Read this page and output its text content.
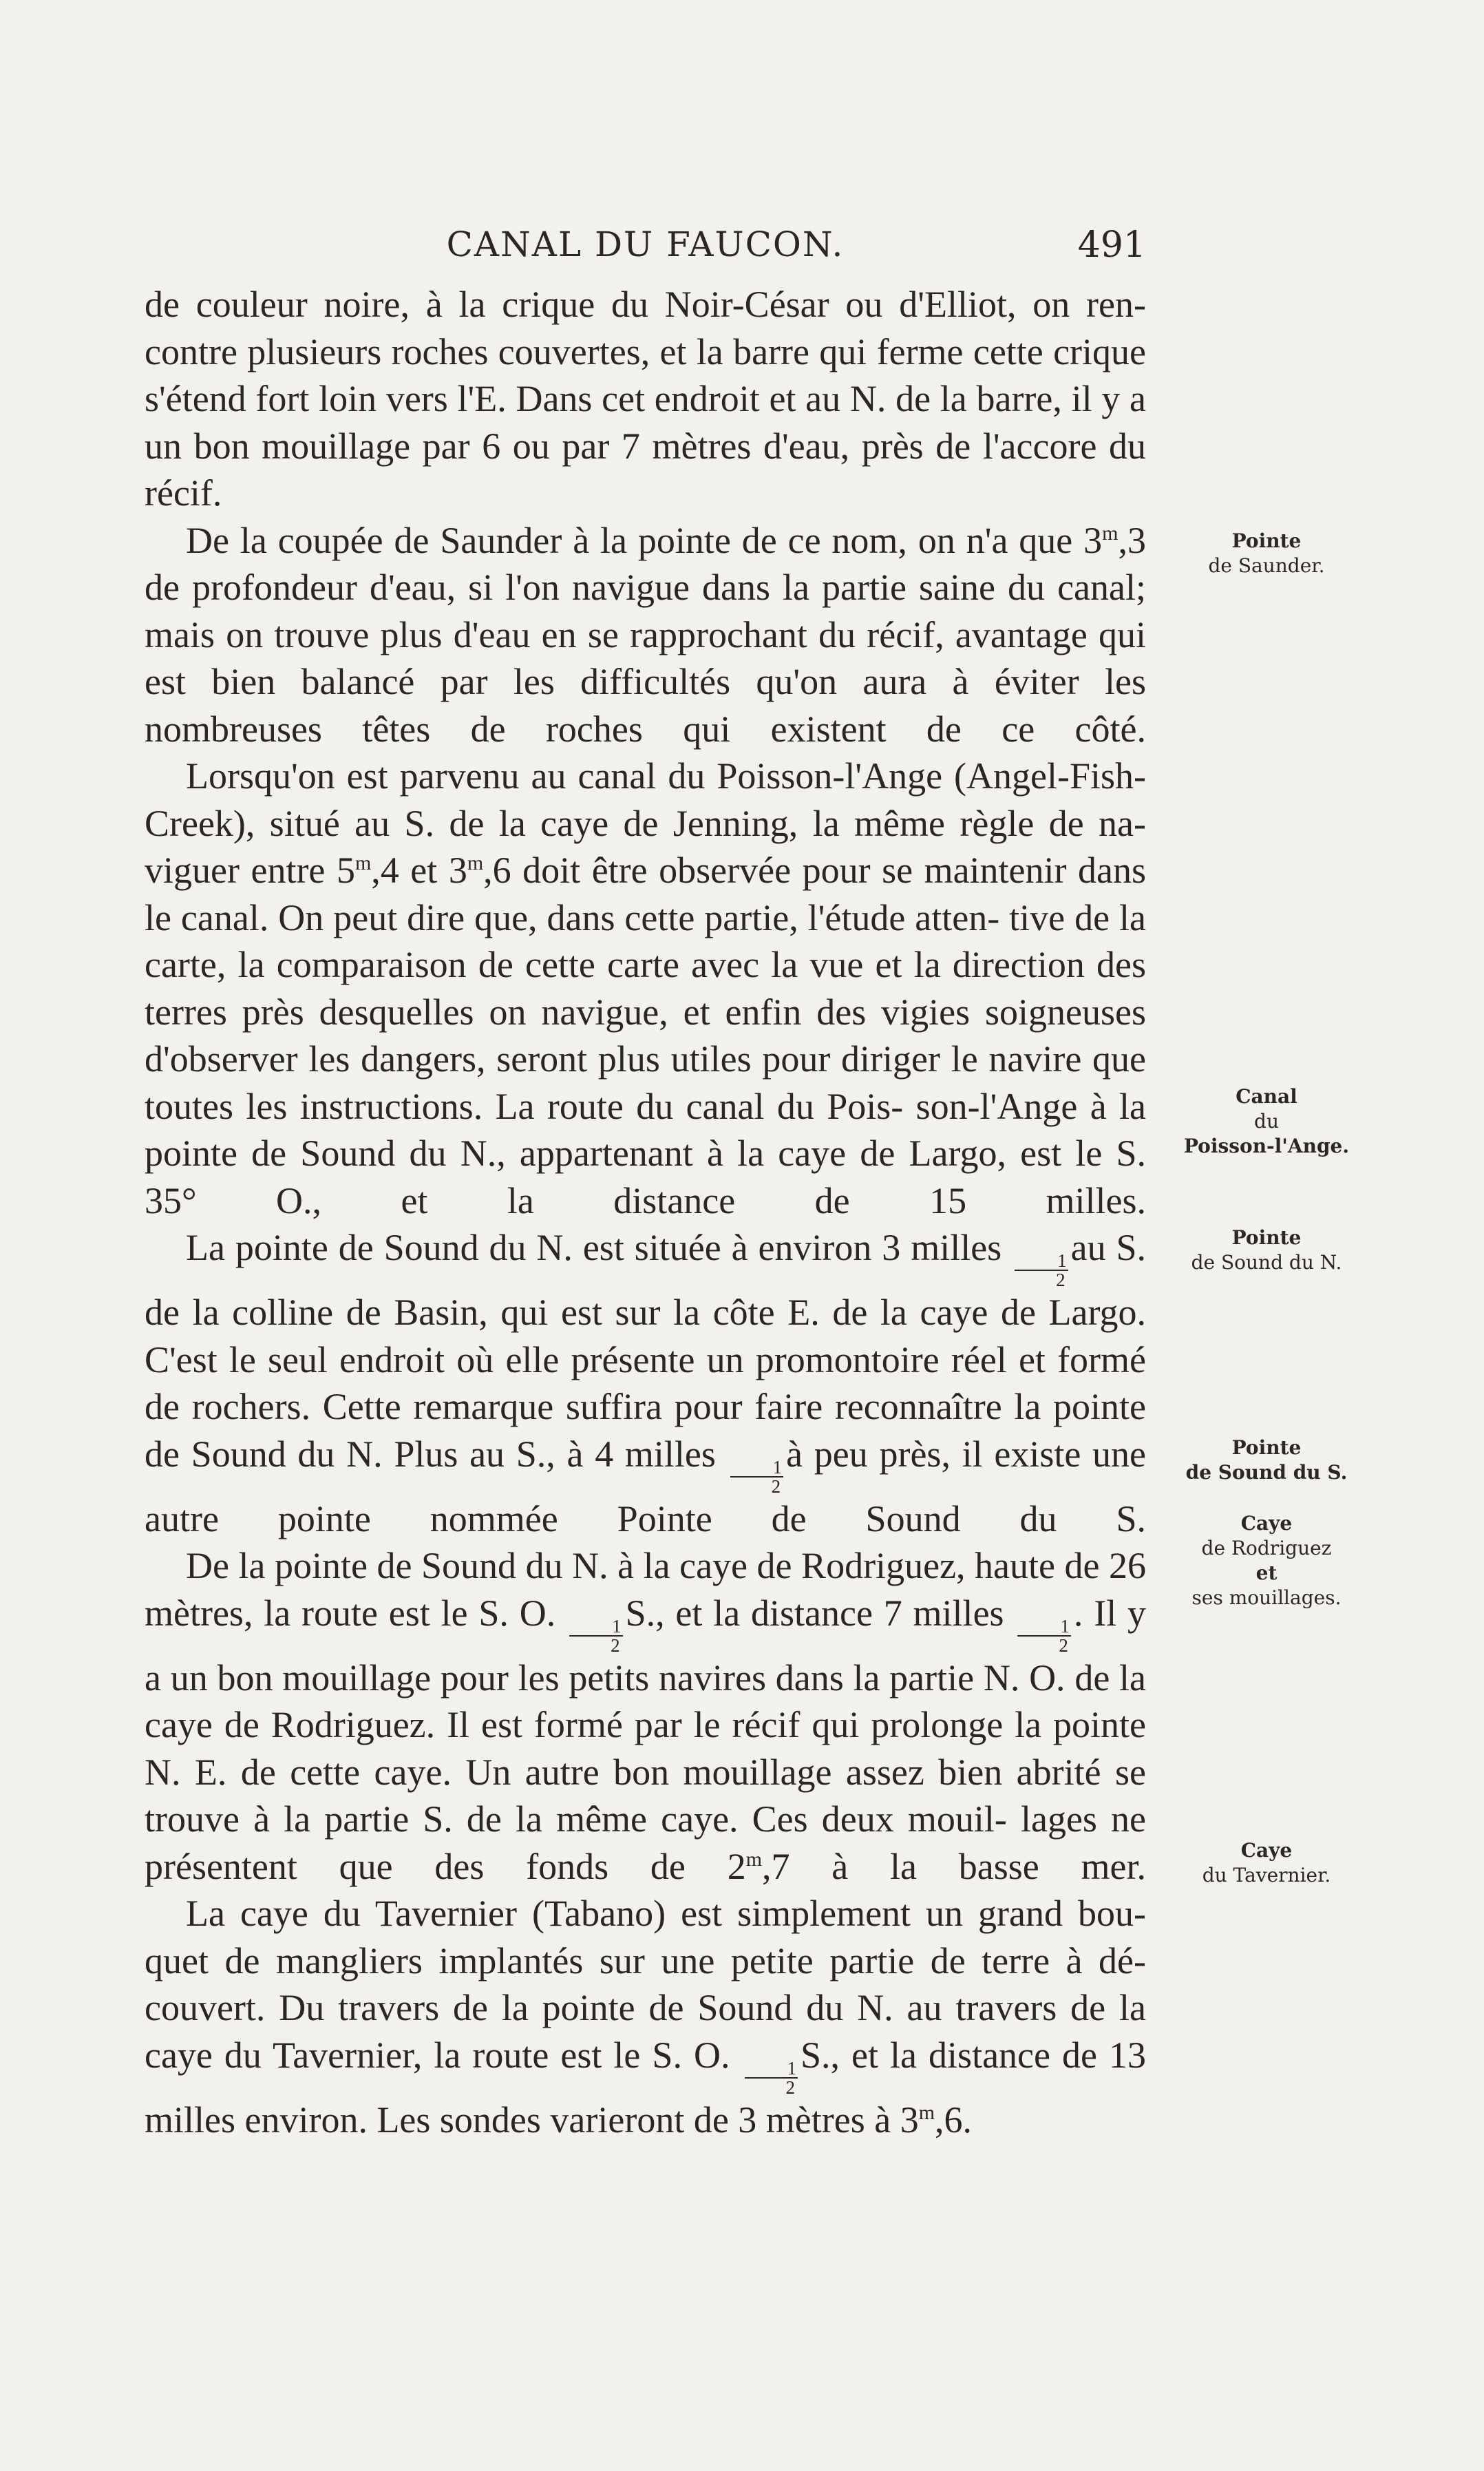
CANAL DU FAUCON.	491

de couleur noire, à la crique du Noir-César ou d'Elliot, on ren- contre plusieurs roches couvertes, et la barre qui ferme cette crique s'étend fort loin vers l'E. Dans cet endroit et au N. de la barre, il y a un bon mouillage par 6 ou par 7 mètres d'eau, près de l'accore du récif.

De la coupée de Saunder à la pointe de ce nom, on n'a que 3$^m$,3 de profondeur d'eau, si l'on navigue dans la partie saine du canal; mais on trouve plus d'eau en se rapprochant du récif, avantage qui est bien balancé par les difficultés qu'on aura à éviter les nombreuses têtes de roches qui existent de ce côté.

Lorsqu'on est parvenu au canal du Poisson-l'Ange (Angel-Fish- Creek), situé au S. de la caye de Jenning, la même règle de na- viguer entre 5$^m$,4 et 3$^m$,6 doit être observée pour se maintenir dans le canal. On peut dire que, dans cette partie, l'étude atten- tive de la carte, la comparaison de cette carte avec la vue et la direction des terres près desquelles on navigue, et enfin des vigies soigneuses d'observer les dangers, seront plus utiles pour diriger le navire que toutes les instructions. La route du canal du Pois- son-l'Ange à la pointe de Sound du N., appartenant à la caye de Largo, est le S. 35° O., et la distance de 15 milles.

La pointe de Sound du N. est située à environ 3 milles
$\frac{1}{2}$
au S. de la colline de Basin, qui est sur la côte E. de la caye de Largo. C'est le seul endroit où elle présente un promontoire réel et formé de rochers. Cette remarque suffira pour faire reconnaître la pointe de Sound du N. Plus au S., à 4 milles
$\frac{1}{2}$
à peu près, il existe une autre pointe nommée Pointe de Sound du S.

De la pointe de Sound du N. à la caye de Rodriguez, haute de 26 mètres, la route est le S. O.
$\frac{1}{2}$
S., et la distance 7 milles
$\frac{1}{2}$
. Il y a un bon mouillage pour les petits navires dans la partie N. O. de la caye de Rodriguez. Il est formé par le récif qui prolonge la pointe N. E. de cette caye. Un autre bon mouillage assez bien abrité se trouve à la partie S. de la même caye. Ces deux mouil- lages ne présentent que des fonds de 2$^m$,7 à la basse mer.

La caye du Tavernier (Tabano) est simplement un grand bou- quet de mangliers implantés sur une petite partie de terre à dé- couvert. Du travers de la pointe de Sound du N. au travers de la caye du Tavernier, la route est le S. O.
$\frac{1}{2}$
S., et la distance de 13 milles environ. Les sondes varieront de 3 mètres à 3$^m$,6.

Pointe
de Saunder.
Canal
du
Poisson-l'Ange.
Pointe
de Sound du N.
Pointe
de Sound du S.
Caye
de Rodriguez
et
ses mouillages.
Caye
du Tavernier.
